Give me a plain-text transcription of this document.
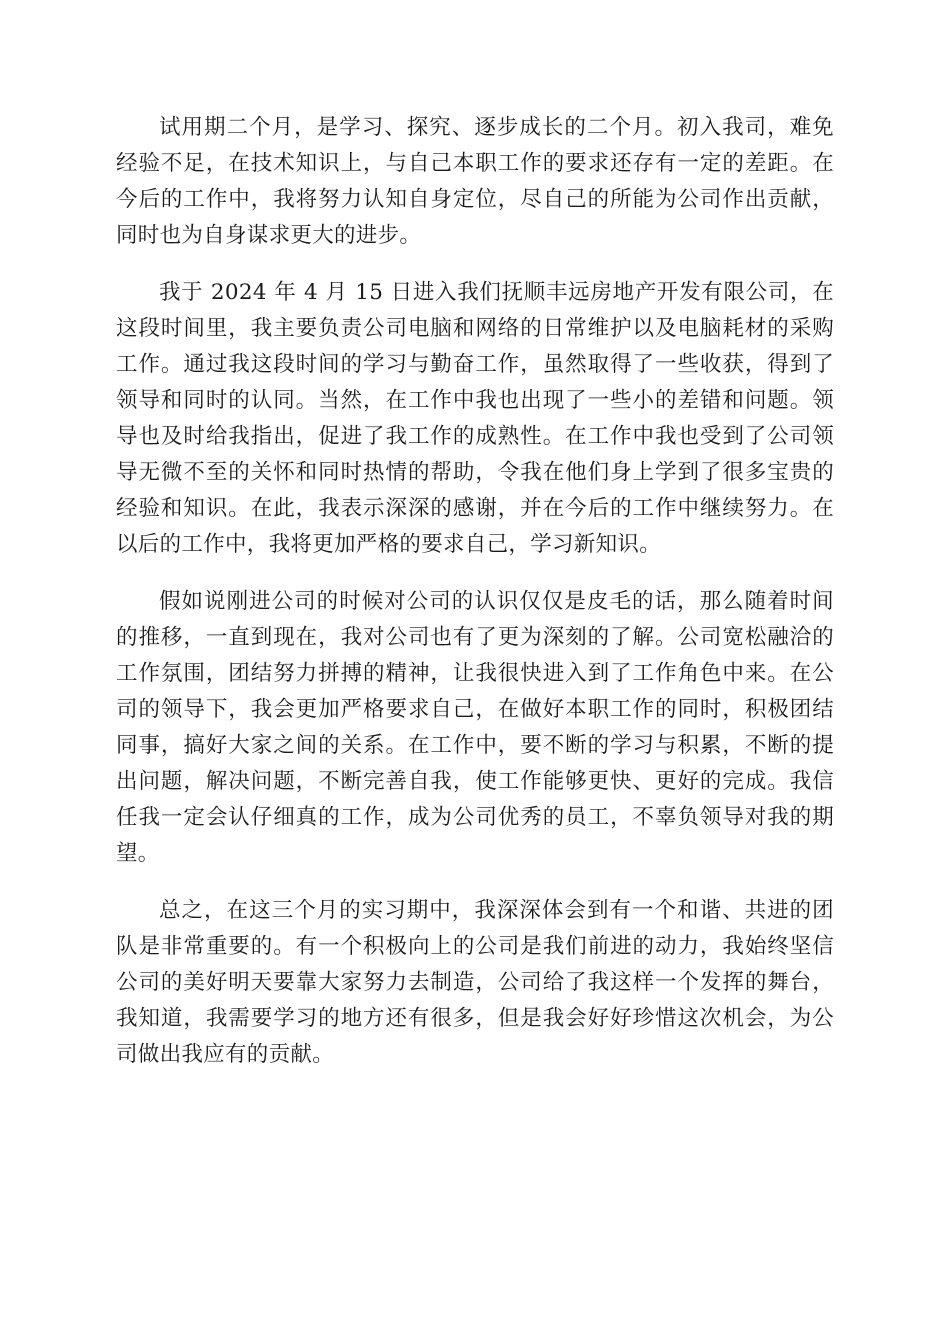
试用期二个月，是学习、探究、逐步成长的二个月。初入我司，难免经验不足，在技术知识上，与自己本职工作的要求还存有一定的差距。在今后的工作中，我将努力认知自身定位，尽自己的所能为公司作出贡献，同时也为自身谋求更大的进步。

我于 2024 年 4 月 15 日进入我们抚顺丰远房地产开发有限公司，在这段时间里，我主要负责公司电脑和网络的日常维护以及电脑耗材的采购工作。通过我这段时间的学习与勤奋工作，虽然取得了一些收获，得到了领导和同时的认同。当然，在工作中我也出现了一些小的差错和问题。领导也及时给我指出，促进了我工作的成熟性。在工作中我也受到了公司领导无微不至的关怀和同时热情的帮助，令我在他们身上学到了很多宝贵的经验和知识。在此，我表示深深的感谢，并在今后的工作中继续努力。在以后的工作中，我将更加严格的要求自己，学习新知识。

假如说刚进公司的时候对公司的认识仅仅是皮毛的话，那么随着时间的推移，一直到现在，我对公司也有了更为深刻的了解。公司宽松融洽的工作氛围，团结努力拼搏的精神，让我很快进入到了工作角色中来。在公司的领导下，我会更加严格要求自己，在做好本职工作的同时，积极团结同事，搞好大家之间的关系。在工作中，要不断的学习与积累，不断的提出问题，解决问题，不断完善自我，使工作能够更快、更好的完成。我信任我一定会认仔细真的工作，成为公司优秀的员工，不辜负领导对我的期望。

总之，在这三个月的实习期中，我深深体会到有一个和谐、共进的团队是非常重要的。有一个积极向上的公司是我们前进的动力，我始终坚信公司的美好明天要靠大家努力去制造，公司给了我这样一个发挥的舞台，我知道，我需要学习的地方还有很多，但是我会好好珍惜这次机会，为公司做出我应有的贡献。
